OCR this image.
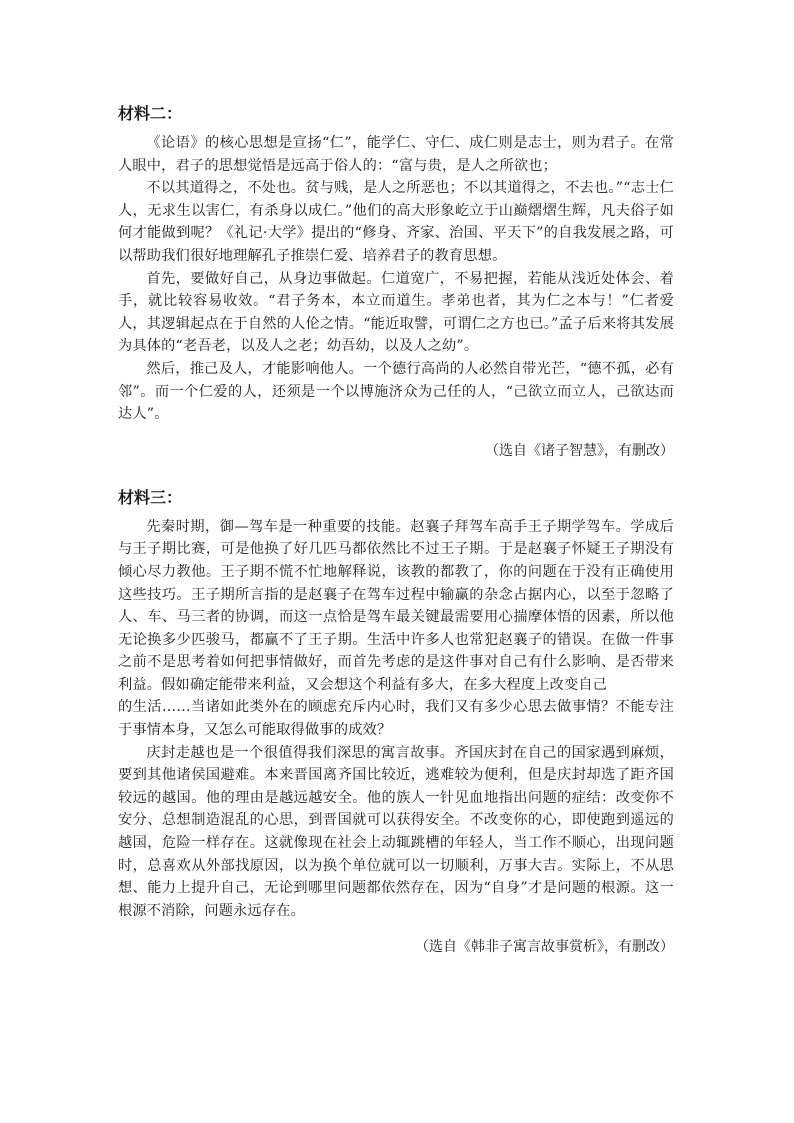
材料二：

《论语》的核心思想是宣扬“仁”，能学仁、守仁、成仁则是志士，则为君子。在常人眼中，君子的思想觉悟是远高于俗人的：“富与贵，是人之所欲也；

不以其道得之，不处也。贫与贱，是人之所恶也；不以其道得之，不去也。”“志士仁人，无求生以害仁，有杀身以成仁。”他们的高大形象屹立于山巅熠熠生辉，凡夫俗子如何才能做到呢？《礼记·大学》提出的“修身、齐家、治国、平天下”的自我发展之路，可以帮助我们很好地理解孔子推崇仁爱、培养君子的教育思想。

首先，要做好自己，从身边事做起。仁道宽广，不易把握，若能从浅近处体会、着手，就比较容易收效。“君子务本，本立而道生。孝弟也者，其为仁之本与！”仁者爱人，其逻辑起点在于自然的人伦之情。“能近取譬，可谓仁之方也已。”孟子后来将其发展为具体的“老吾老，以及人之老；幼吾幼，以及人之幼”。

然后，推己及人，才能影响他人。一个德行高尚的人必然自带光芒，“德不孤，必有邻”。而一个仁爱的人，还须是一个以博施济众为己任的人，“己欲立而立人，己欲达而达人”。

（选自《诸子智慧》，有删改）

材料三：

先秦时期，御—驾车是一种重要的技能。赵襄子拜驾车高手王子期学驾车。学成后与王子期比赛，可是他换了好几匹马都依然比不过王子期。于是赵襄子怀疑王子期没有倾心尽力教他。王子期不慌不忙地解释说，该教的都教了，你的问题在于没有正确使用这些技巧。王子期所言指的是赵襄子在驾车过程中输赢的杂念占据内心，以至于忽略了人、车、马三者的协调，而这一点恰是驾车最关键最需要用心揣摩体悟的因素，所以他无论换多少匹骏马，都赢不了王子期。生活中许多人也常犯赵襄子的错误。在做一件事之前不是思考着如何把事情做好，而首先考虑的是这件事对自己有什么影响、是否带来利益。假如确定能带来利益，又会想这个利益有多大，在多大程度上改变自己

的生活……当诸如此类外在的顾虑充斥内心时，我们又有多少心思去做事情？不能专注于事情本身，又怎么可能取得做事的成效？

庆封走越也是一个很值得我们深思的寓言故事。齐国庆封在自己的国家遇到麻烦，要到其他诸侯国避难。本来晋国离齐国比较近，逃难较为便利，但是庆封却选了距齐国较远的越国。他的理由是越远越安全。他的族人一针见血地指出问题的症结：改变你不安分、总想制造混乱的心思，到晋国就可以获得安全。不改变你的心，即使跑到遥远的越国，危险一样存在。这就像现在社会上动辄跳槽的年轻人，当工作不顺心，出现问题时，总喜欢从外部找原因，以为换个单位就可以一切顺利，万事大吉。实际上，不从思想、能力上提升自己，无论到哪里问题都依然存在，因为“自身”才是问题的根源。这一根源不消除，问题永远存在。

（选自《韩非子寓言故事赏析》，有删改）
